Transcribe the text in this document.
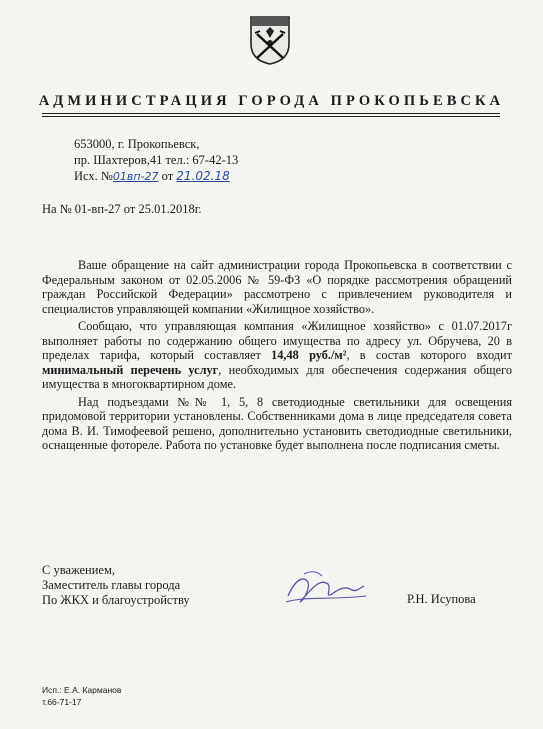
АДМИНИСТРАЦИЯ ГОРОДА ПРОКОПЬЕВСКА
653000, г. Прокопьевск,
пр. Шахтеров,41 тел.: 67-42-13
Исх. №01вп-27 от 21.02.18
На № 01-вп-27 от 25.01.2018г.

Ваше обращение на сайт администрации города Прокопьевска в соответствии с Федеральным законом от 02.05.2006 № 59-ФЗ «О порядке рассмотрения обращений граждан Российской Федерации» рассмотрено с привлечением руководителя и специалистов управляющей компании «Жилищное хозяйство».

Сообщаю, что управляющая компания «Жилищное хозяйство» с 01.07.2017г выполняет работы по содержанию общего имущества по адресу ул. Обручева, 20 в пределах тарифа, который составляет 14,48 руб./м², в состав которого входит минимальный перечень услуг, необходимых для обеспечения содержания общего имущества в многоквартирном доме.

Над подъездами №№ 1, 5, 8 светодиодные светильники для освещения придомовой территории установлены. Собственниками дома в лице председателя совета дома В. И. Тимофеевой решено, дополнительно установить светодиодные светильники, оснащенные фотореле. Работа по установке будет выполнена после подписания сметы.

С уважением,
Заместитель главы города
По ЖКХ и благоустройству	Р.Н. Исупова
Исп.: Е.А. Карманов
т.66-71-17
